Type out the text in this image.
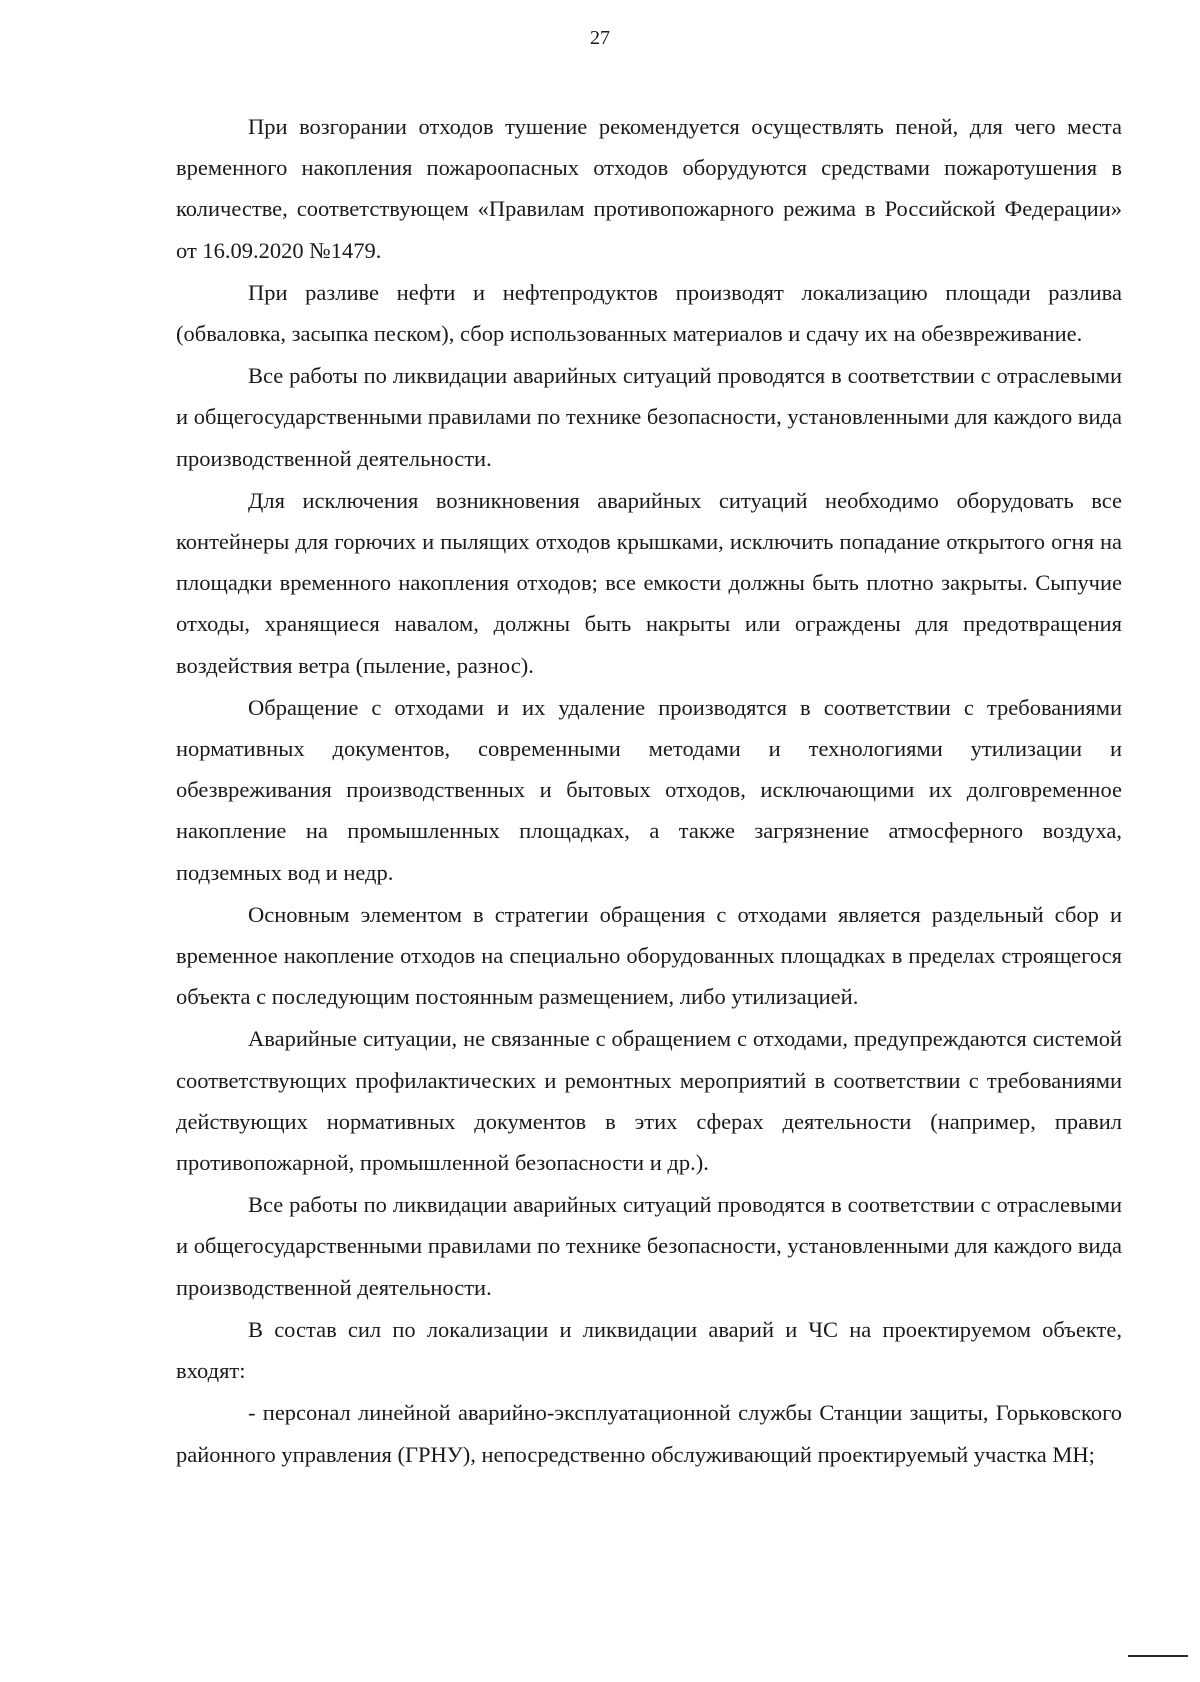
27

При возгорании отходов тушение рекомендуется осуществлять пеной, для чего места временного накопления пожароопасных отходов оборудуются средствами пожаротушения в количестве, соответствующем «Правилам противопожарного режима в Российской Федерации» от 16.09.2020 №1479.

При разливе нефти и нефтепродуктов производят локализацию площади разлива (обваловка, засыпка песком), сбор использованных материалов и сдачу их на обезвреживание.

Все работы по ликвидации аварийных ситуаций проводятся в соответствии с отраслевыми и общегосударственными правилами по технике безопасности, установленными для каждого вида производственной деятельности.

Для исключения возникновения аварийных ситуаций необходимо оборудовать все контейнеры для горючих и пылящих отходов крышками, исключить попадание открытого огня на площадки временного накопления отходов; все емкости должны быть плотно закрыты. Сыпучие отходы, хранящиеся навалом, должны быть накрыты или ограждены для предотвращения воздействия ветра (пыление, разнос).

Обращение с отходами и их удаление производятся в соответствии с требованиями нормативных документов, современными методами и технологиями утилизации и обезвреживания производственных и бытовых отходов, исключающими их долговременное накопление на промышленных площадках, а также загрязнение атмосферного воздуха, подземных вод и недр.

Основным элементом в стратегии обращения с отходами является раздельный сбор и временное накопление отходов на специально оборудованных площадках в пределах строящегося объекта с последующим постоянным размещением, либо утилизацией.

Аварийные ситуации, не связанные с обращением с отходами, предупреждаются системой соответствующих профилактических и ремонтных мероприятий в соответствии с требованиями действующих нормативных документов в этих сферах деятельности (например, правил противопожарной, промышленной безопасности и др.).

Все работы по ликвидации аварийных ситуаций проводятся в соответствии с отраслевыми и общегосударственными правилами по технике безопасности, установленными для каждого вида производственной деятельности.

В состав сил по локализации и ликвидации аварий и ЧС на проектируемом объекте, входят:

- персонал линейной аварийно-эксплуатационной службы Станции защиты, Горьковского районного управления (ГРНУ), непосредственно обслуживающий проектируемый участка МН;
